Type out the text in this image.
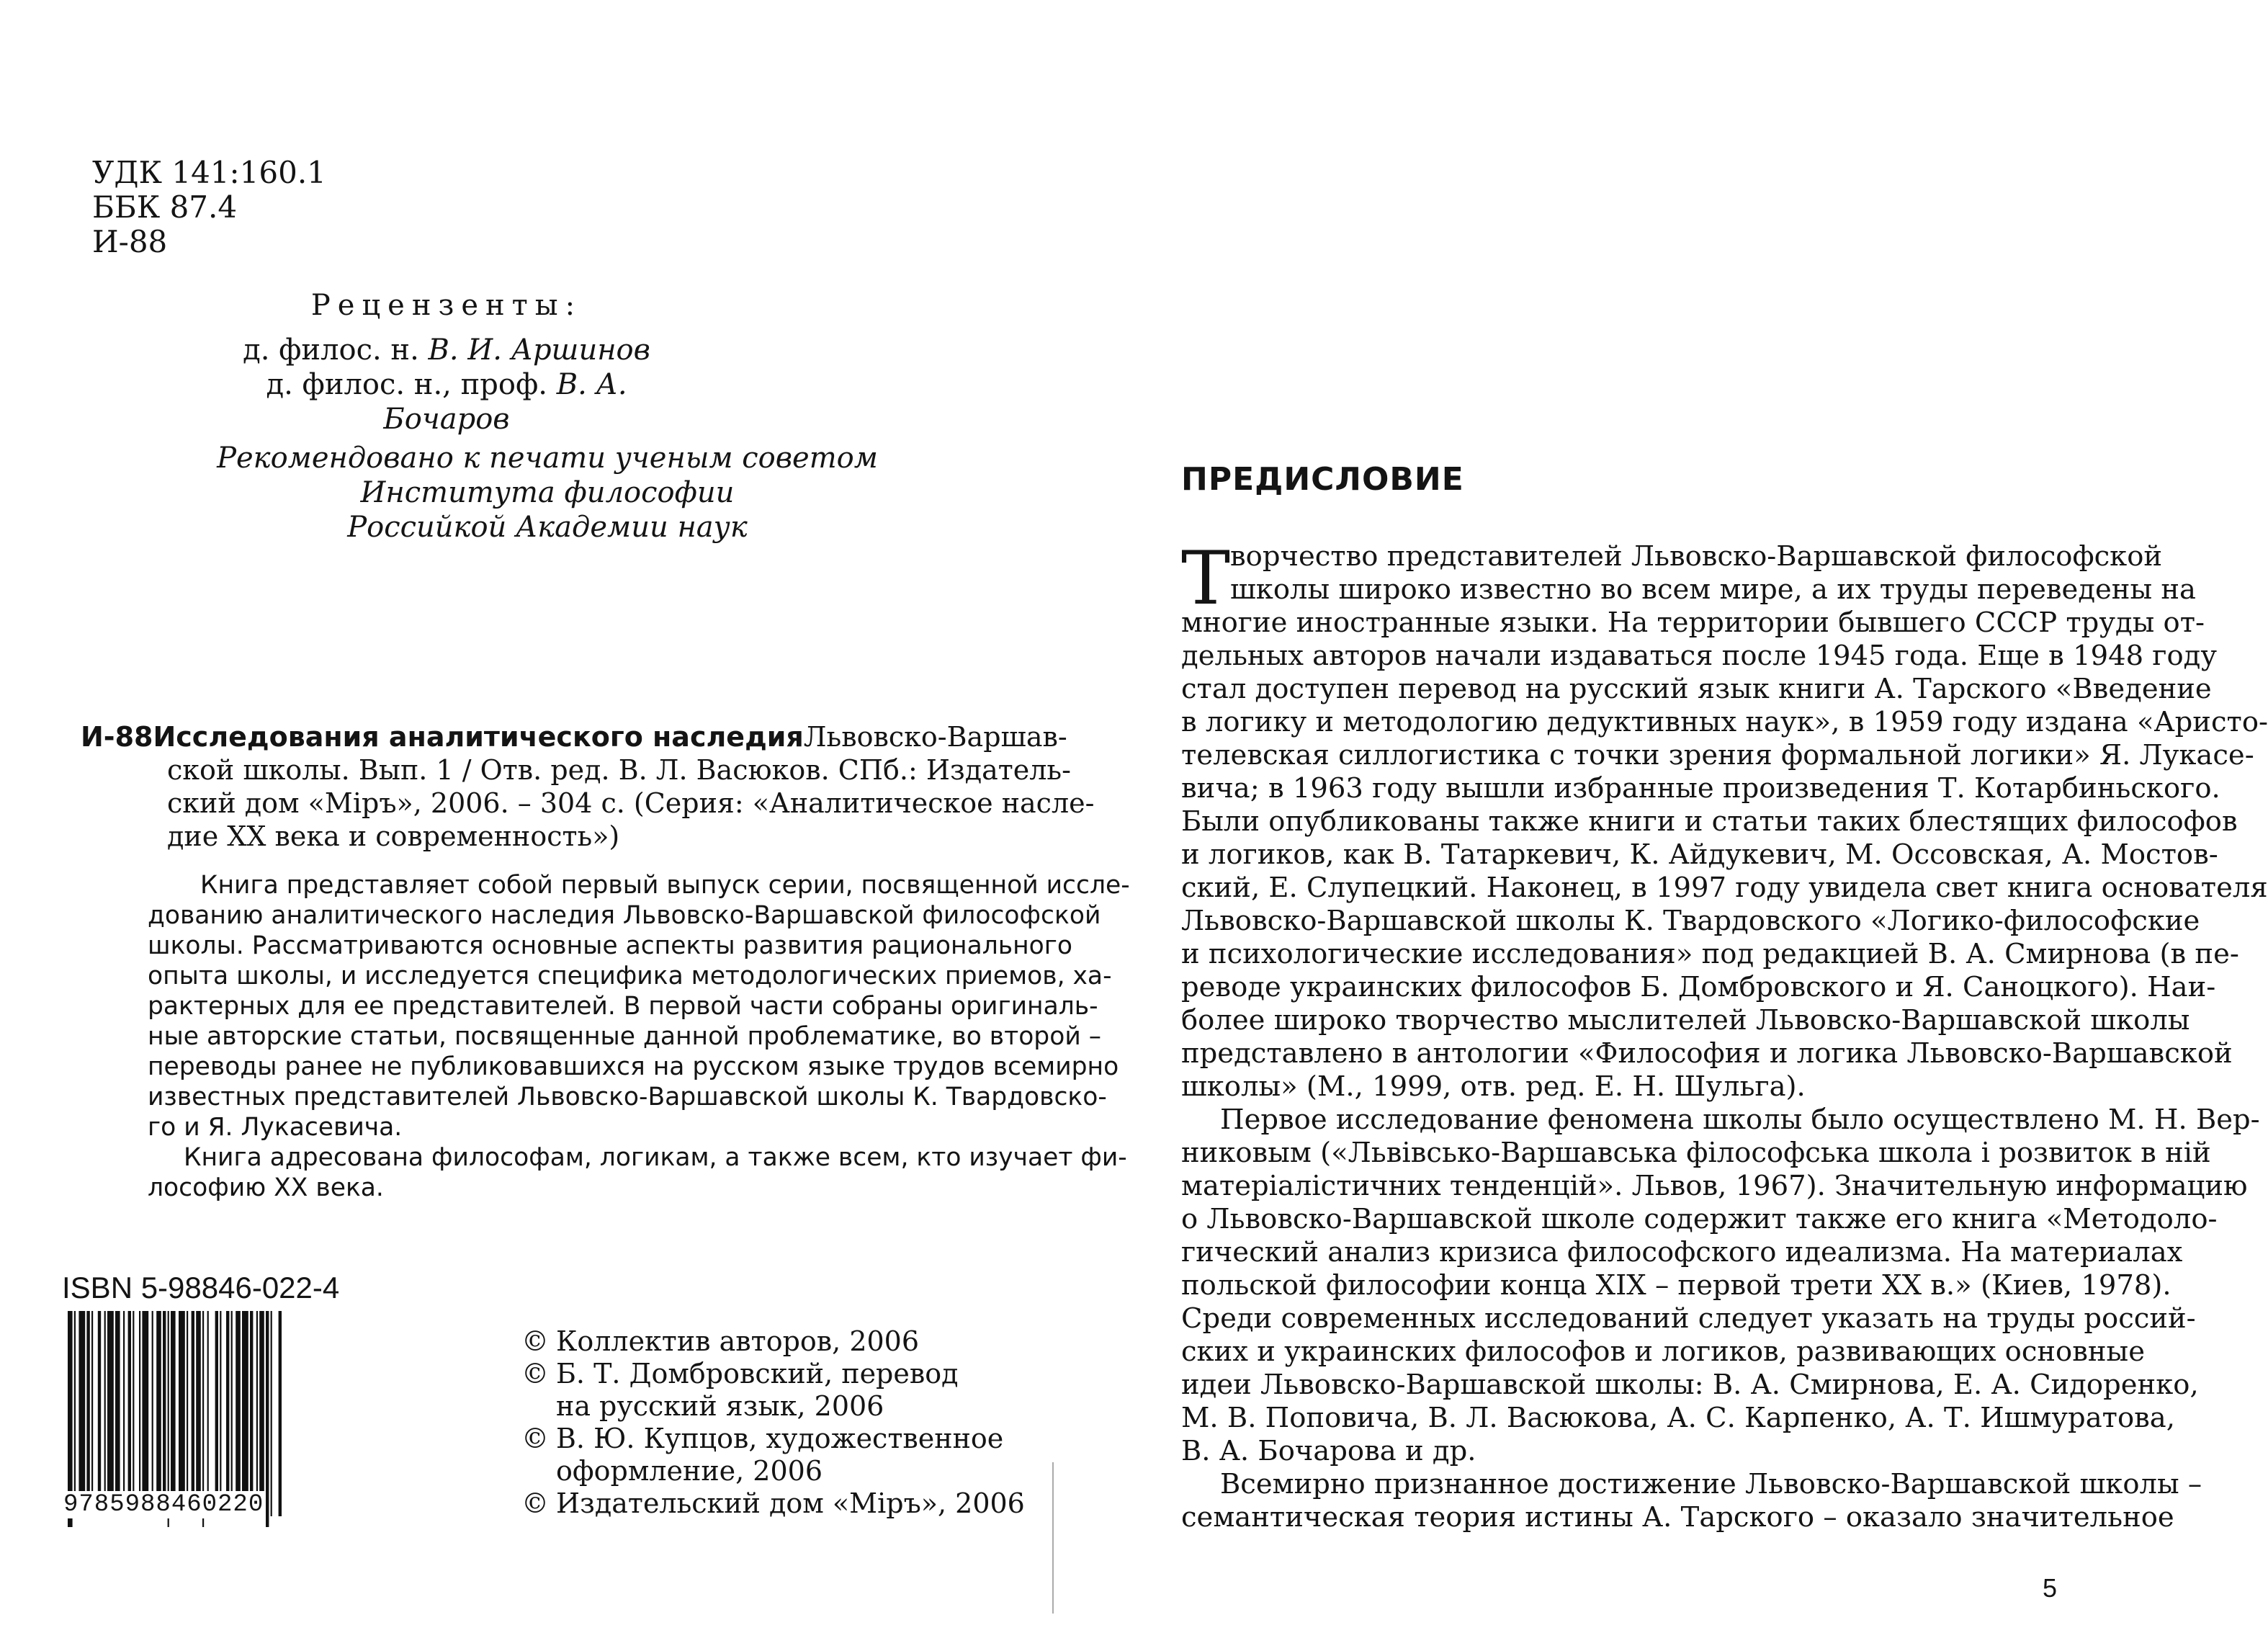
УДК 141:160.1
ББК 87.4
И-88
Рецензенты:
д. филос. н. В. И. Аршинов
д. филос. н., проф. В. А. Бочаров
Рекомендовано к печати ученым советом
Института философии
Российкой Академии наук
И-88 Исследования аналитического наследия Львовско-Варшав-
ской школы. Вып. 1 / Отв. ред. В. Л. Васюков. СПб.: Издатель-
ский дом «Міръ», 2006. – 304 с. (Серия: «Аналитическое насле-
дие XX века и современность»)
Книга представляет собой первый выпуск серии, посвященной иссле-
дованию аналитического наследия Львовско-Варшавской философской
школы. Рассматриваются основные аспекты развития рационального
опыта школы, и исследуется специфика методологических приемов, ха-
рактерных для ее представителей. В первой части собраны оригиналь-
ные авторские статьи, посвященные данной проблематике, во второй –
переводы ранее не публиковавшихся на русском языке трудов всемирно
известных представителей Львовско-Варшавской школы К. Твардовско-
го и Я. Лукасевича.
Книга адресована философам, логикам, а также всем, кто изучает фи-
лософию XX века.
ISBN 5-98846-022-4
9785988460220
© Коллектив авторов, 2006
© Б. Т. Домбровский, перевод
на русский язык, 2006
© В. Ю. Купцов, художественное
оформление, 2006
© Издательский дом «Міръ», 2006
ПРЕДИСЛОВИЕ
Т ворчество представителей Львовско-Варшавской философской
школы широко известно во всем мире, а их труды переведены на
многие иностранные языки. На территории бывшего СССР труды от-
дельных авторов начали издаваться после 1945 года. Еще в 1948 году
стал доступен перевод на русский язык книги А. Тарского «Введение
в логику и методологию дедуктивных наук», в 1959 году издана «Аристо-
телевская силлогистика с точки зрения формальной логики» Я. Лукасе-
вича; в 1963 году вышли избранные произведения Т. Котарбиньского.
Были опубликованы также книги и статьи таких блестящих философов
и логиков, как В. Татаркевич, К. Айдукевич, М. Оссовская, А. Мостов-
ский, Е. Слупецкий. Наконец, в 1997 году увидела свет книга основателя
Львовско-Варшавской школы К. Твардовского «Логико-философские
и психологические исследования» под редакцией В. А. Смирнова (в пе-
реводе украинских философов Б. Домбровского и Я. Саноцкого). Наи-
более широко творчество мыслителей Львовско-Варшавской школы
представлено в антологии «Философия и логика Львовско-Варшавской
школы» (М., 1999, отв. ред. Е. Н. Шульга).
Первое исследование феномена школы было осуществлено М. Н. Вер-
никовым («Львівсько-Варшавська філософська школа і розвиток в ній
матеріалістичних тенденцій». Львов, 1967). Значительную информацию
о Львовско-Варшавской школе содержит также его книга «Методоло-
гический анализ кризиса философского идеализма. На материалах
польской философии конца XIX – первой трети XX в.» (Киев, 1978).
Среди современных исследований следует указать на труды россий-
ских и украинских философов и логиков, развивающих основные
идеи Львовско-Варшавской школы: В. А. Смирнова, Е. А. Сидоренко,
М. В. Поповича, В. Л. Васюкова, А. С. Карпенко, А. Т. Ишмуратова,
В. А. Бочарова и др.
Всемирно признанное достижение Львовско-Варшавской школы –
семантическая теория истины А. Тарского – оказало значительное
5
